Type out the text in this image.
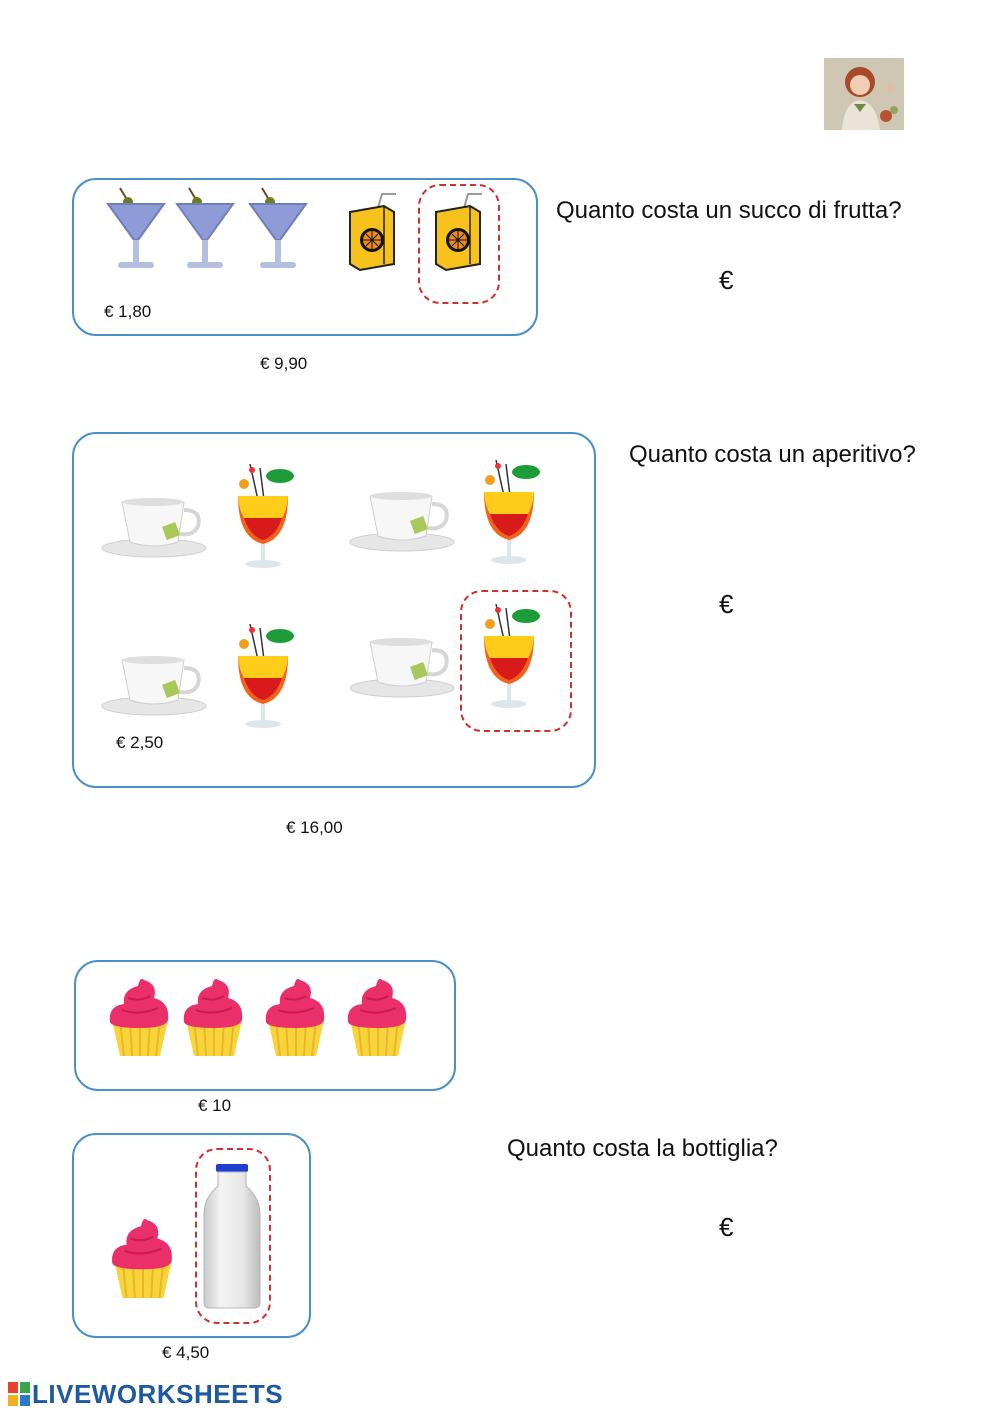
€ 1,80
€ 9,90
Quanto costa un succo di frutta?
€
€ 2,50
€ 16,00
Quanto costa un aperitivo?
€
€ 10
€ 4,50
Quanto costa la bottiglia?
€
LIVEWORKSHEETS
